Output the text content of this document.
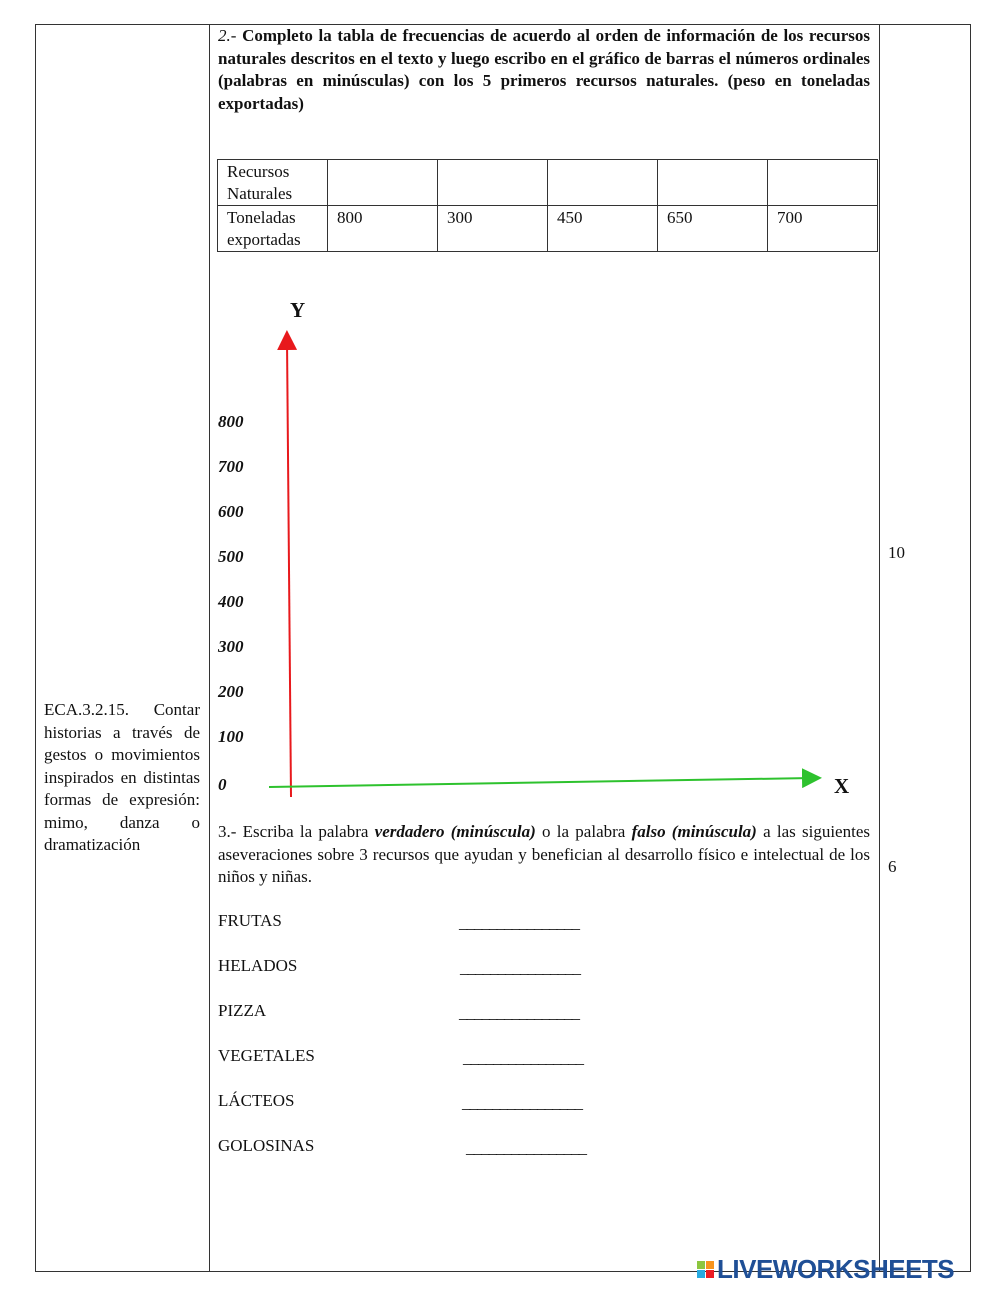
ECA.3.2.15. Contar historias a través de gestos o movimientos inspirados en distintas formas de expresión: mimo, danza o dramatización
10
6
2.- Completo la tabla de frecuencias de acuerdo al orden de información de los recursos naturales descritos en el texto y luego escribo en el gráfico de barras el números ordinales (palabras en minúsculas) con los 5 primeros recursos naturales. (peso en toneladas exportadas)
Recursos Naturales					
Toneladas exportadas	800	300	450	650	700
Y
X
800
700
600
500
400
300
200
100
0
3.- Escriba la palabra verdadero (minúscula) o la palabra falso (minúscula) a las siguientes aseveraciones sobre 3 recursos que ayudan y benefician al desarrollo físico e intelectual de los niños y niñas.
FRUTAS	________________
HELADOS	________________
PIZZA	________________
VEGETALES	________________
LÁCTEOS	________________
GOLOSINAS	________________
LIVEWORKSHEETS
